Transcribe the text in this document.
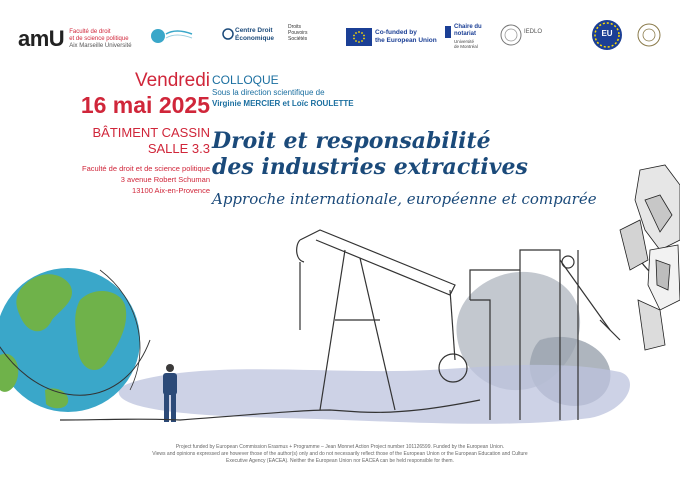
amU Faculté de droit
et de science politique
Aix Marseille Université
Centre Droit Économique
Droits
Pouvoirs
Sociétés
Co-funded by
the European Union
Chaire du
notariat
Université
de Montréal
IEDLO	EU
Vendredi
16 mai 2025
BÂTIMENT CASSIN
SALLE 3.3
Faculté de droit et de science politique
3 avenue Robert Schuman
13100 Aix-en-Provence
COLLOQUE
Sous la direction scientifique de
Virginie MERCIER et Loïc ROULETTE
Droit et responsabilité
des industries extractives
Approche internationale, européenne et comparée
Project funded by European Commission Erasmus + Programme – Jean Monnet Action Project number 101126599. Funded by the European Union.
Views and opinions expressed are however those of the author(s) only and do not necessarily reflect those of the European Union or the European Education and Culture
Executive Agency (EACEA). Neither the European Union nor EACEA can be held responsible for them.
